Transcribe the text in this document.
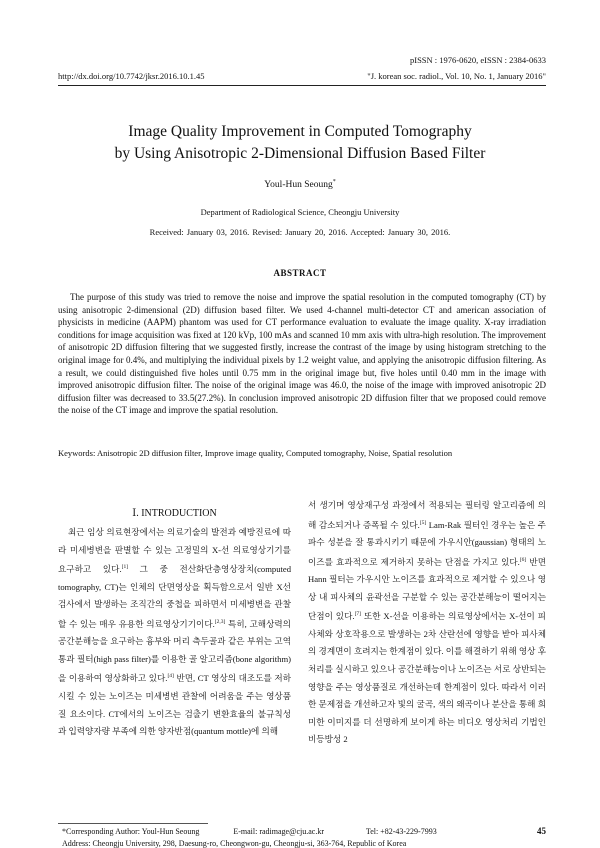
pISSN : 1976-0620, eISSN : 2384-0633
http://dx.doi.org/10.7742/jksr.2016.10.1.45	"J. korean soc. radiol., Vol. 10, No. 1, January 2016"
Image Quality Improvement in Computed Tomography
by Using Anisotropic 2-Dimensional Diffusion Based Filter
Youl-Hun Seoung*
Department of Radiological Science, Cheongju University
Received: January 03, 2016. Revised: January 20, 2016. Accepted: January 30, 2016.
ABSTRACT

The purpose of this study was tried to remove the noise and improve the spatial resolution in the computed tomography (CT) by using anisotropic 2-dimensional (2D) diffusion based filter. We used 4-channel multi-detector CT and american association of physicists in medicine (AAPM) phantom was used for CT performance evaluation to evaluate the image quality. X-ray irradiation conditions for image acquisition was fixed at 120 kVp, 100 mAs and scanned 10 mm axis with ultra-high resolution. The improvement of anisotropic 2D diffusion filtering that we suggested firstly, increase the contrast of the image by using histogram stretching to the original image for 0.4%, and multiplying the individual pixels by 1.2 weight value, and applying the anisotropic diffusion filtering. As a result, we could distinguished five holes until 0.75 mm in the original image but, five holes until 0.40 mm in the image with improved anisotropic diffusion filter. The noise of the original image was 46.0, the noise of the image with improved anisotropic 2D diffusion filter was decreased to 33.5(27.2%). In conclusion improved anisotropic 2D diffusion filter that we proposed could remove the noise of the CT image and improve the spatial resolution.

Keywords: Anisotropic 2D diffusion filter, Improve image quality, Computed tomography, Noise, Spatial resolution
Ⅰ. INTRODUCTION

최근 임상 의료현장에서는 의료기술의 발전과 예방진료에 따라 미세병변을 판별할 수 있는 고정밀의 X-선 의료영상기기를 요구하고 있다.[1] 그 중 전산화단층영상장치(computed tomography, CT)는 인체의 단면영상을 획득함으로서 일반 X선 검사에서 발생하는 조직간의 중첩을 피하면서 미세병변을 관찰할 수 있는 매우 유용한 의료영상기기이다.[2,3] 특히, 고해상력의 공간분해능을 요구하는 흉부와 머리 측두골과 같은 부위는 고역 통과 필터(high pass filter)를 이용한 골 알고리즘(bone algorithm)을 이용하여 영상화하고 있다.[4] 반면, CT 영상의 대조도를 저하시킬 수 있는 노이즈는 미세병변 관찰에 어려움을 주는 영상품질 요소이다. CT에서의 노이즈는 검출기 변환효율의 불규칙성과 입력양자량 부족에 의한 양자반점(quantum mottle)에 의해

서 생기며 영상재구성 과정에서 적용되는 필터링 알고리즘에 의해 감소되거나 증폭될 수 있다.[5] Lam-Rak 필터인 경우는 높은 주파수 성분을 잘 통과시키기 때문에 가우시안(gaussian) 형태의 노이즈를 효과적으로 제거하지 못하는 단점을 가지고 있다.[6] 반면 Hann 필터는 가우시안 노이즈를 효과적으로 제거할 수 있으나 영상 내 피사체의 윤곽선을 구분할 수 있는 공간분해능이 떨어지는 단점이 있다.[7] 또한 X-선을 이용하는 의료영상에서는 X-선이 피사체와 상호작용으로 발생하는 2차 산란선에 영향을 받아 피사체의 경계면이 흐려지는 한계점이 있다. 이를 해결하기 위해 영상 후처리를 실시하고 있으나 공간분해능이나 노이즈는 서로 상반되는 영향을 주는 영상품질로 개선하는데 한계점이 있다. 따라서 이러한 문제점을 개선하고자 빛의 굴곡, 색의 왜곡이나 분산을 통해 희미한 이미지를 더 선명하게 보이게 하는 비디오 영상처리 기법인 비등방성 2

*Corresponding Author: Youl-Hun Seoung	E-mail: radimage@cju.ac.kr	Tel: +82-43-229-7993
Address: Cheongju University, 298, Daesung-ro, Cheongwon-gu, Cheongju-si, 363-764, Republic of Korea
45
